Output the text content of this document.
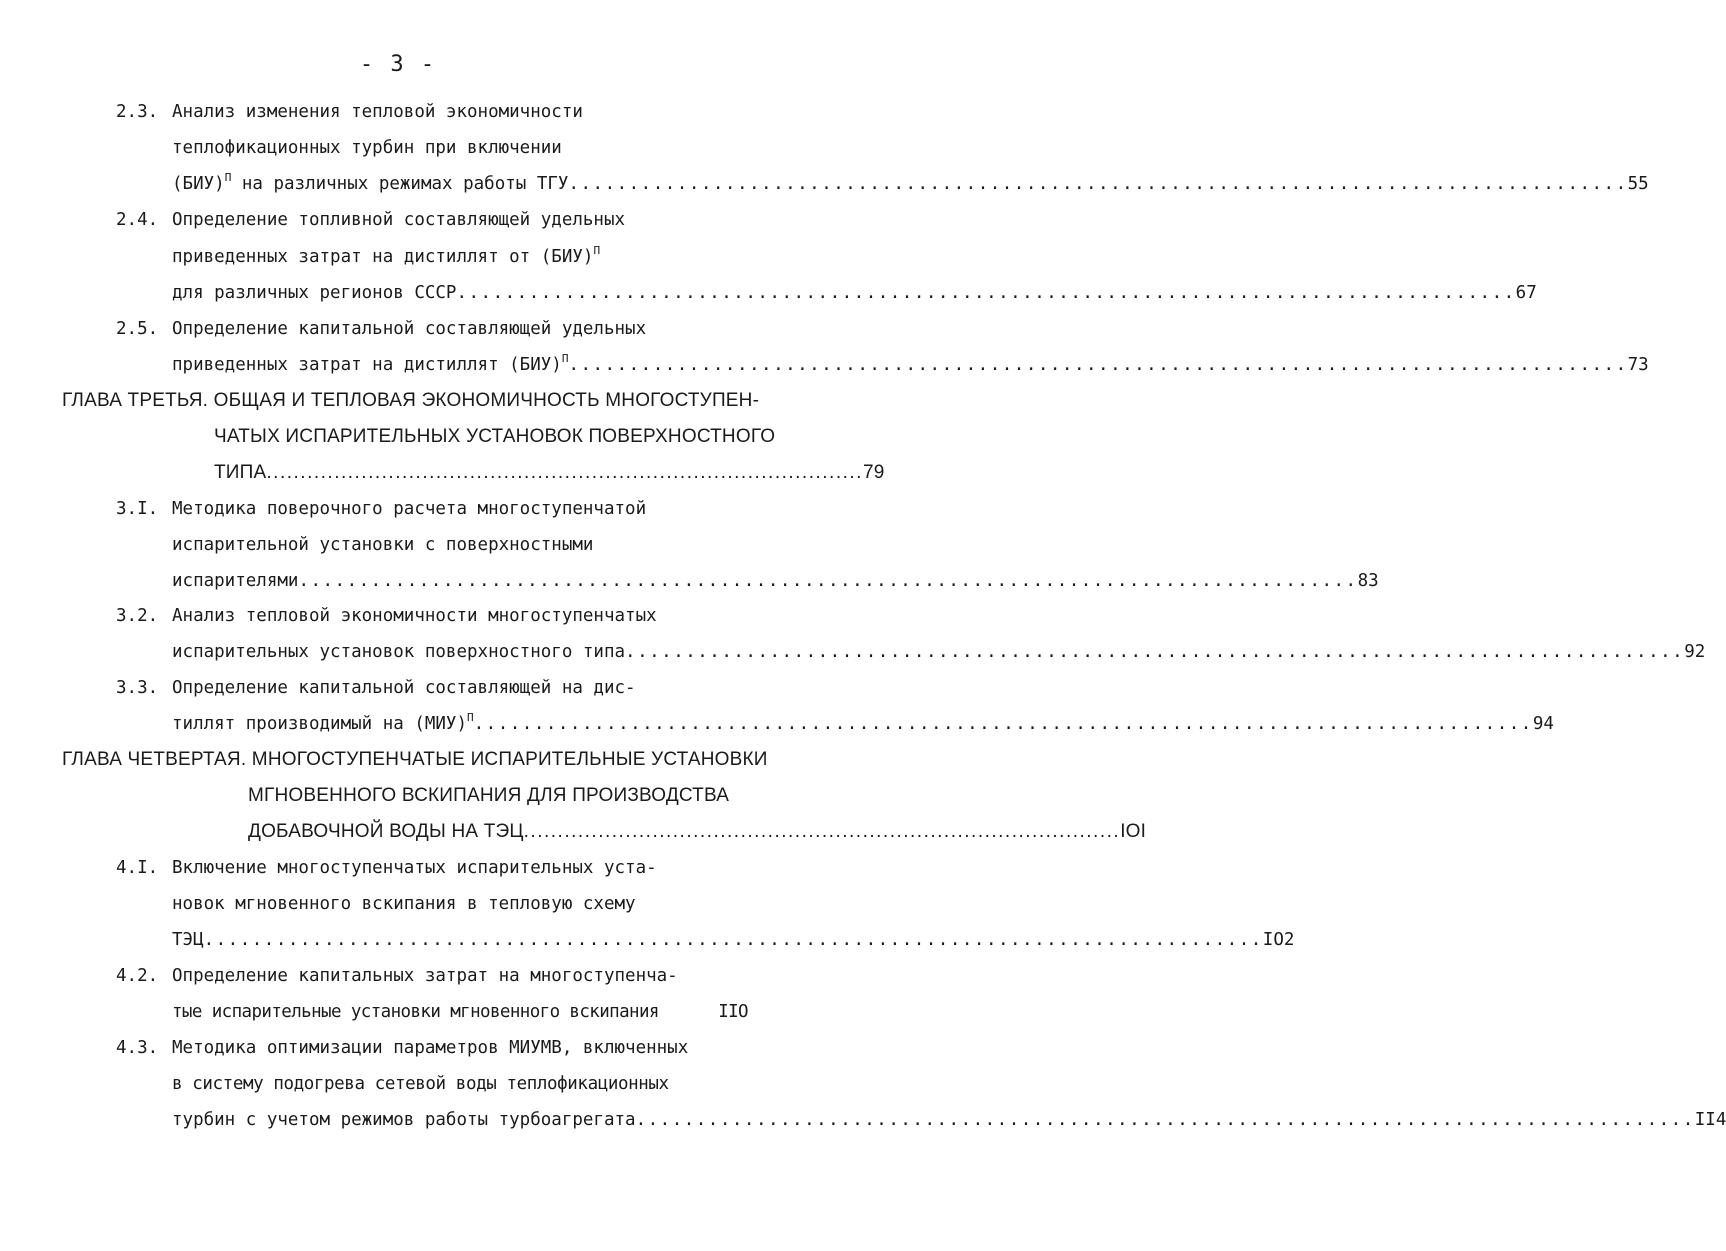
- 3 -
2.3. Анализ изменения тепловой экономичности
теплофикационных турбин при включении
(БИУ)$^П$ на различных режимах работы ТГУ ........................................................................................ 55
2.4. Определение топливной составляющей удельных
приведенных затрат на дистиллят от (БИУ)$^П$
для различных регионов СССР ........................................................................................ 67
2.5. Определение капитальной составляющей удельных
приведенных затрат на дистиллят (БИУ)$^П$ ........................................................................................ 73
ГЛАВА ТРЕТЬЯ. ОБЩАЯ И ТЕПЛОВАЯ ЭКОНОМИЧНОСТЬ МНОГОСТУПЕН-
ЧАТЫХ ИСПАРИТЕЛЬНЫХ УСТАНОВОК ПОВЕРХНОСТНОГО
ТИПА ........................................................................................ 79
3.I. Методика поверочного расчета многоступенчатой
испарительной установки с поверхностными
испарителями ........................................................................................ 83
3.2. Анализ тепловой экономичности многоступенчатых
испарительных установок поверхностного типа ........................................................................................ 92
3.3. Определение капитальной составляющей на дис-
тиллят производимый на (МИУ)$^П$ ........................................................................................ 94
ГЛАВА ЧЕТВЕРТАЯ. МНОГОСТУПЕНЧАТЫЕ ИСПАРИТЕЛЬНЫЕ УСТАНОВКИ
МГНОВЕННОГО ВСКИПАНИЯ ДЛЯ ПРОИЗВОДСТВА
ДОБАВОЧНОЙ ВОДЫ НА ТЭЦ ........................................................................................ IOI
4.I. Включение многоступенчатых испарительных уста-
новок мгновенного вскипания в тепловую схему
ТЭЦ ........................................................................................ IO2
4.2. Определение капитальных затрат на многоступенча-
тые испарительные установки мгновенного вскипания	IIO
4.3. Методика оптимизации параметров МИУМВ, включенных
в систему подогрева сетевой воды теплофикационных
турбин с учетом режимов работы турбоагрегата ........................................................................................ II4
